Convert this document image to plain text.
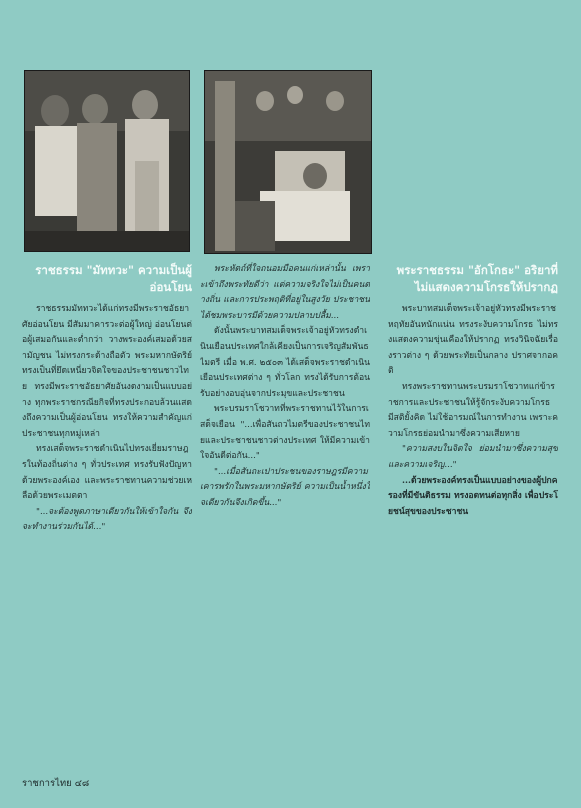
ราชธรรม "มัททวะ" ความเป็นผู้อ่อนโยน

ราชธรรมมัททวะได้แก่ทรงมีพระราชอัธยาศัยอ่อนโยน มีสัมมาคารวะต่อผู้ใหญ่ อ่อนโยนต่อผู้เสมอกันและต่ำกว่า วางพระองค์เสมอด้วยสามัญชน ไม่ทรงกระด้างถือตัว พระมหากษัตริย์ทรงเป็นที่ยึดเหนี่ยวจิตใจของประชาชนชาวไทย ทรงมีพระราชอัธยาศัยอันงดงามเป็นแบบอย่าง ทุกพระราชกรณียกิจที่ทรงประกอบล้วนแสดงถึงความเป็นผู้อ่อนโยน ทรงให้ความสำคัญแก่ประชาชนทุกหมู่เหล่า

ทรงเสด็จพระราชดำเนินไปทรงเยี่ยมราษฎรในท้องถิ่นต่าง ๆ ทั่วประเทศ ทรงรับฟังปัญหาด้วยพระองค์เอง และพระราชทานความช่วยเหลือด้วยพระเมตตา

"...จะต้องพูดภาษาเดียวกันให้เข้าใจกัน จึงจะทำงานร่วมกันได้..."

พระหัตถ์ที่ใจถนอมมือคนแก่เหล่านั้น เพราะเข้าถึงพระทัยดีว่า แต่ความจริงใจไม่เป็นคนต่างถิ่น และการประพฤติที่อยู่ในสูงวัย ประชาชนได้ชมพระบารมีด้วยความปลาบปลื้ม...

ดังนั้นพระบาทสมเด็จพระเจ้าอยู่หัวทรงดำเนินเยือนประเทศใกล้เคียงเป็นการเจริญสัมพันธไมตรี เมื่อ พ.ศ. ๒๕๐๓ ได้เสด็จพระราชดำเนินเยือนประเทศต่าง ๆ ทั่วโลก ทรงได้รับการต้อนรับอย่างอบอุ่นจากประมุขและประชาชน

พระบรมราโชวาทที่พระราชทานไว้ในการเสด็จเยือน "...เพื่อสันถวไมตรีของประชาชนไทยและประชาชนชาวต่างประเทศ ให้มีความเข้าใจอันดีต่อกัน..."

"...เมื่อสันถะเปาประชนของราษฎรมีความเคารพรักในพระมหากษัตริย์ ความเป็นน้ำหนึ่งใจเดียวกันจึงเกิดขึ้น..."

พระราชธรรม "อักโกธะ" อริยาที่ไม่แสดงความโกรธให้ปรากฏ

พระบาทสมเด็จพระเจ้าอยู่หัวทรงมีพระราชหฤทัยอันหนักแน่น ทรงระงับความโกรธ ไม่ทรงแสดงความขุ่นเคืองให้ปรากฏ ทรงวินิจฉัยเรื่องราวต่าง ๆ ด้วยพระทัยเป็นกลาง ปราศจากอคติ

ทรงพระราชทานพระบรมราโชวาทแก่ข้าราชการและประชาชนให้รู้จักระงับความโกรธ มีสติยั้งคิด ไม่ใช้อารมณ์ในการทำงาน เพราะความโกรธย่อมนำมาซึ่งความเสียหาย

"ความสงบในจิตใจ ย่อมนำมาซึ่งความสุขและความเจริญ..."

...ด้วยพระองค์ทรงเป็นแบบอย่างของผู้ปกครองที่มีขันติธรรม ทรงอดทนต่อทุกสิ่ง เพื่อประโยชน์สุขของประชาชน

ราชการไทย ๔๘
